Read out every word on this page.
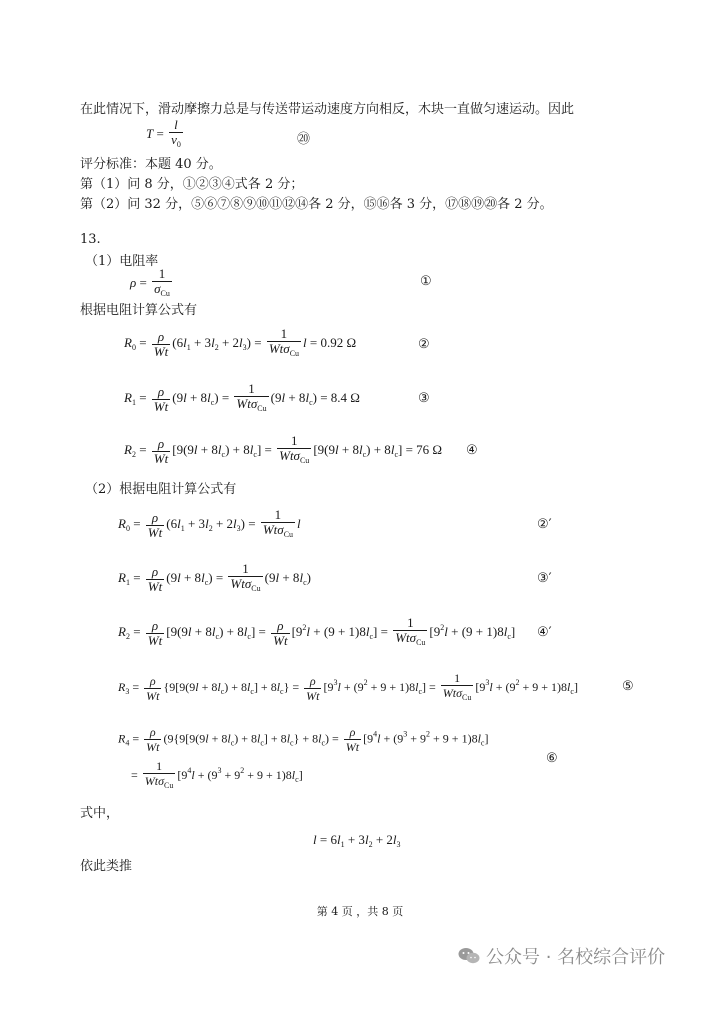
在此情况下，滑动摩擦力总是与传送带运动速度方向相反，木块一直做匀速运动。因此
$T = \frac{l}{v_0}$	⑳
评分标准：本题 40 分。
第（1）问 8 分，①②③④式各 2 分；
第（2）问 32 分，⑤⑥⑦⑧⑨⑩⑪⑫⑭各 2 分，⑮⑯各 3 分，⑰⑱⑲⑳各 2 分。
13.
（1）电阻率
$\rho = \frac{1}{\sigma_{Cu}}$	①
根据电阻计算公式有
$R_0 = \frac{\rho}{Wt} (6l_1 + 3l_2 + 2l_3) = \frac{1}{Wt\sigma_{Cu}}$ l = 0.92 Ω	②
$R_1 = \frac{\rho}{Wt} (9l + 8l_c) = \frac{1}{Wt\sigma_{Cu}} (9l + 8l_c) = 8.4$ Ω	③
$R_2 = \frac{\rho}{Wt} [9(9l + 8l_c) + 8l_c] = \frac{1}{Wt\sigma_{Cu}} [9(9l + 8l_c) + 8l_c] = 76$ Ω ④
（2）根据电阻计算公式有
$R_0 = \frac{\rho}{Wt} (6l_1 + 3l_2 + 2l_3) = \frac{1}{Wt\sigma_{Cu}}$ l	②′
$R_1 = \frac{\rho}{Wt} (9l + 8l_c) = \frac{1}{Wt\sigma_{Cu}} (9l + 8l_c)$	③′
$R_2 = \frac{\rho}{Wt} [9(9l + 8l_c) + 8l_c] = \frac{\rho}{Wt} [9^2l + (9 + 1)8l_c] = \frac{1}{Wt\sigma_{Cu}} [9^2l + (9 + 1)8l_c]$ ④′
$R_3 = \frac{\rho}{Wt} \{9[9(9l + 8l_c) + 8l_c] + 8l_c\} = \frac{\rho}{Wt} [9^3l + (9^2 + 9 + 1)8l_c] = \frac{1}{Wt\sigma_{Cu}} [9^3l + (9^2 + 9 + 1)8l_c]$	⑤
$R_4 = \frac{\rho}{Wt} (9\{9[9(9l + 8l_c) + 8l_c] + 8l_c\} + 8l_c) = \frac{\rho}{Wt} [9^4l + (9^3 + 9^2 + 9 + 1)8l_c]$
= $\frac{1}{Wt\sigma_{Cu}} [9^4l + (9^3 + 9^2 + 9 + 1)8l_c]$
⑥
式中，
$l = 6l_1 + 3l_2 + 2l_3$
依此类推
第 4 页 ，共 8 页
公众号 · 名校综合评价
